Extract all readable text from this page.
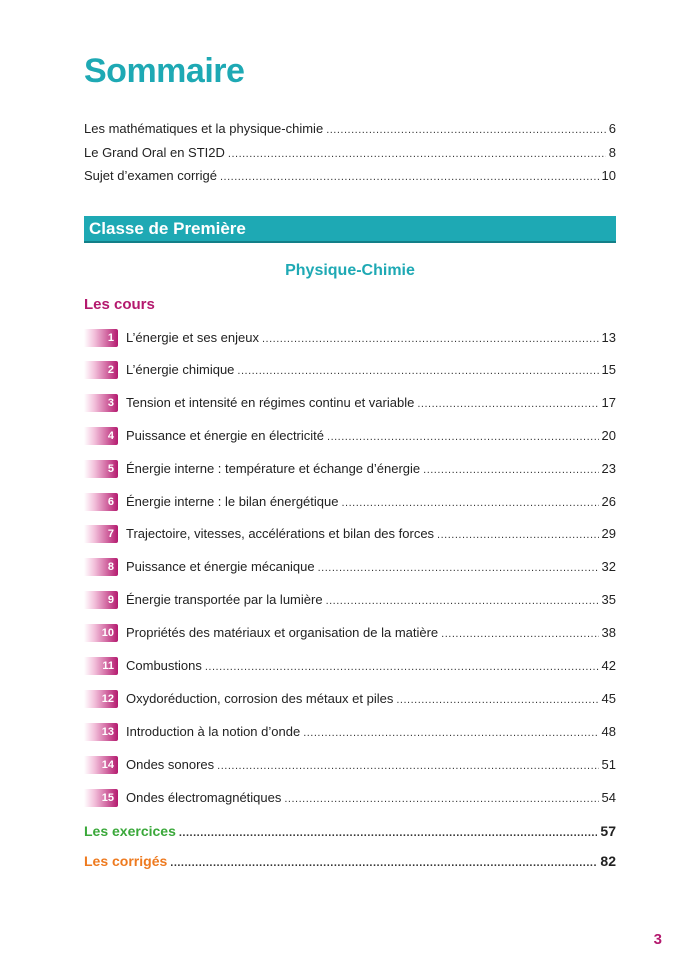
Sommaire
Les mathématiques et la physique-chimie .....	6
Le Grand Oral en STI2D .....	8
Sujet d’examen corrigé .....	10
Classe de Première
Physique-Chimie
Les cours
1 L’énergie et ses enjeux .....	13
2 L’énergie chimique .....	15
3 Tension et intensité en régimes continu et variable .....	17
4 Puissance et énergie en électricité .....	20
5 Énergie interne : température et échange d’énergie .....	23
6 Énergie interne : le bilan énergétique .....	26
7 Trajectoire, vitesses, accélérations et bilan des forces .....	29
8 Puissance et énergie mécanique .....	32
9 Énergie transportée par la lumière .....	35
10 Propriétés des matériaux et organisation de la matière .....	38
11 Combustions .....	42
12 Oxydoréduction, corrosion des métaux et piles .....	45
13 Introduction à la notion d’onde .....	48
14 Ondes sonores .....	51
15 Ondes électromagnétiques .....	54
Les exercices .....	57
Les corrigés .....	82
3
